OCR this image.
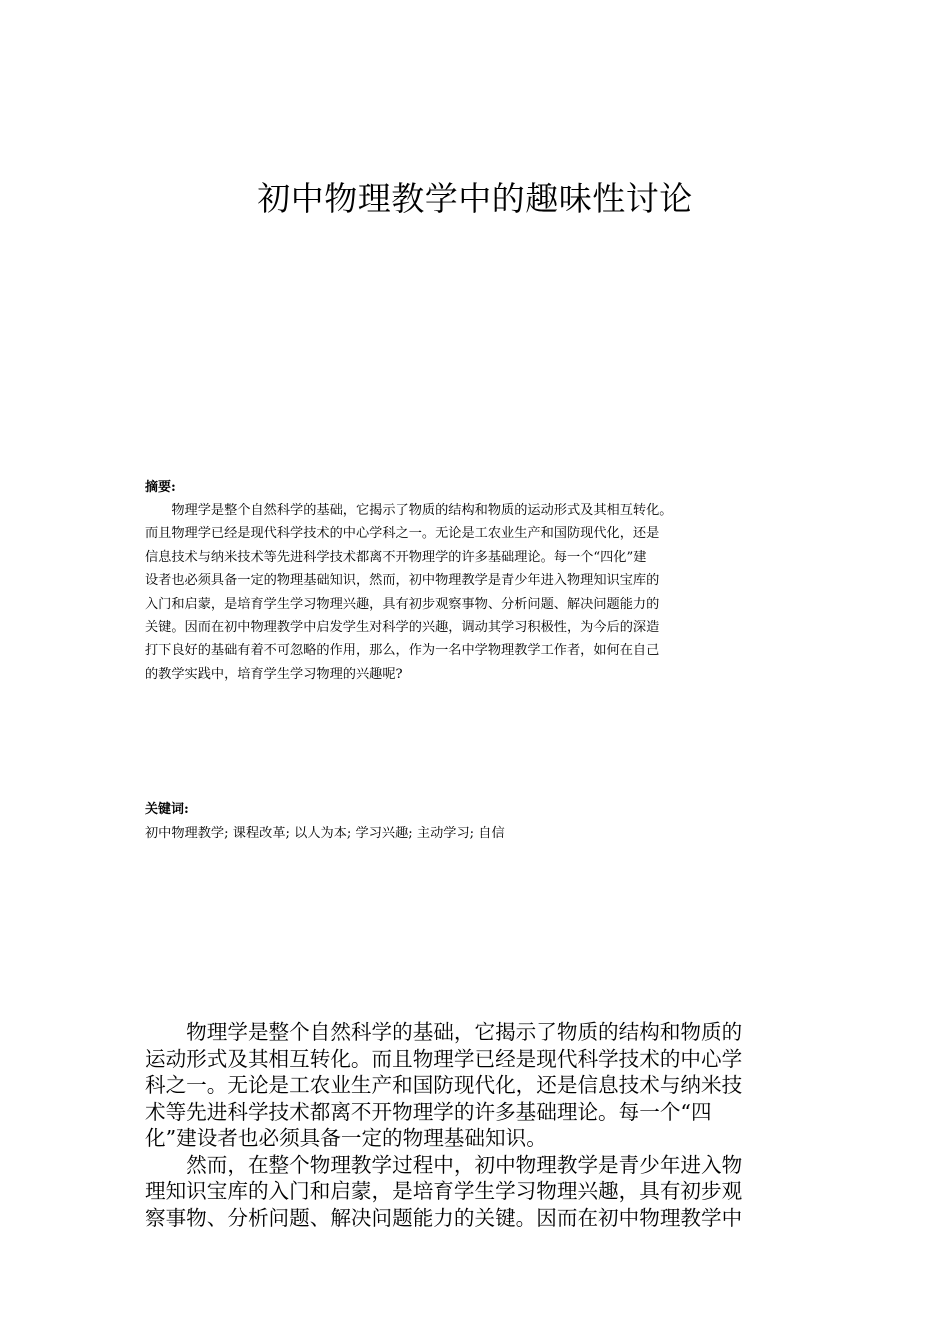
初中物理教学中的趣味性讨论
摘要:
　　物理学是整个自然科学的基础，它揭示了物质的结构和物质的运动形式及其相互转化。
而且物理学已经是现代科学技术的中心学科之一。无论是工农业生产和国防现代化，还是
信息技术与纳米技术等先进科学技术都离不开物理学的许多基础理论。每一个“四化”建
设者也必须具备一定的物理基础知识，然而，初中物理教学是青少年进入物理知识宝库的
入门和启蒙，是培育学生学习物理兴趣，具有初步观察事物、分析问题、解决问题能力的
关键。因而在初中物理教学中启发学生对科学的兴趣，调动其学习积极性，为今后的深造
打下良好的基础有着不可忽略的作用，那么，作为一名中学物理教学工作者，如何在自己
的教学实践中，培育学生学习物理的兴趣呢?
关键词:
初中物理教学; 课程改革; 以人为本; 学习兴趣; 主动学习; 自信
　　物理学是整个自然科学的基础，它揭示了物质的结构和物质的
运动形式及其相互转化。而且物理学已经是现代科学技术的中心学
科之一。无论是工农业生产和国防现代化，还是信息技术与纳米技
术等先进科学技术都离不开物理学的许多基础理论。每一个“四
化”建设者也必须具备一定的物理基础知识。
　　然而，在整个物理教学过程中，初中物理教学是青少年进入物
理知识宝库的入门和启蒙，是培育学生学习物理兴趣，具有初步观
察事物、分析问题、解决问题能力的关键。因而在初中物理教学中
